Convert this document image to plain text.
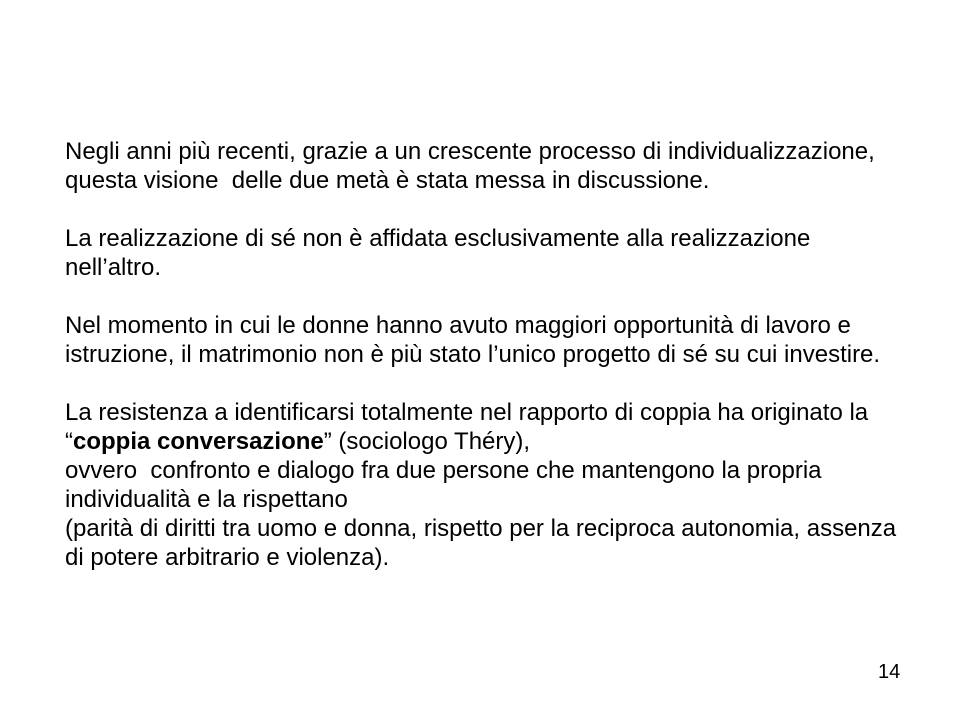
Negli anni più recenti, grazie a un crescente processo di individualizzazione,
questa visione  delle due metà è stata messa in discussione.
La realizzazione di sé non è affidata esclusivamente alla realizzazione
nell’altro.
Nel momento in cui le donne hanno avuto maggiori opportunità di lavoro e
istruzione, il matrimonio non è più stato l’unico progetto di sé su cui investire.
La resistenza a identificarsi totalmente nel rapporto di coppia ha originato la
“coppia conversazione” (sociologo Théry),
ovvero  confronto e dialogo fra due persone che mantengono la propria
individualità e la rispettano
(parità di diritti tra uomo e donna, rispetto per la reciproca autonomia, assenza
di potere arbitrario e violenza).
14
